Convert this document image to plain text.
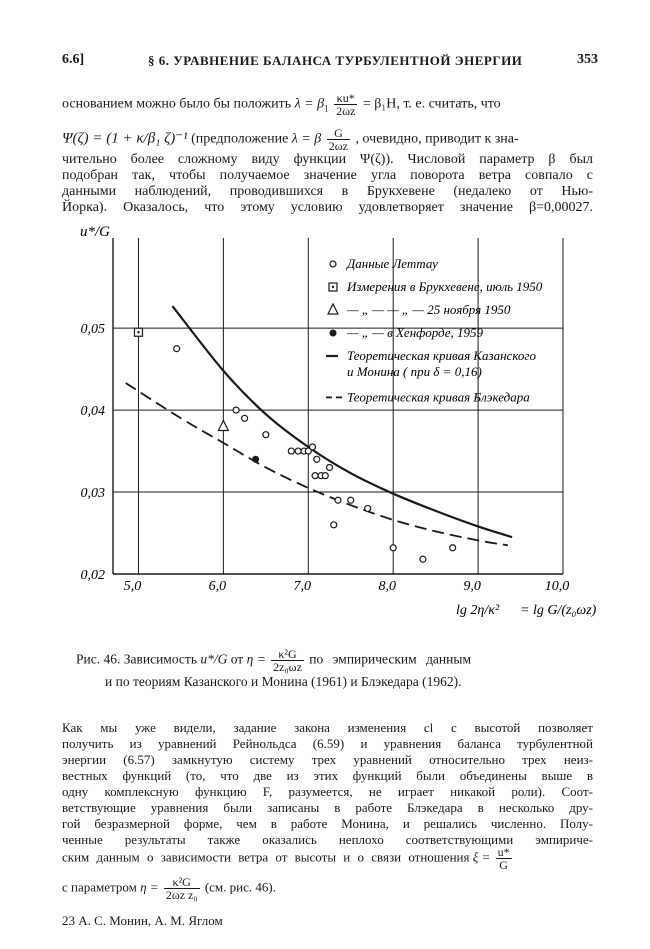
6.6]	§ 6. УРАВНЕНИЕ БАЛАНСА ТУРБУЛЕНТНОЙ ЭНЕРГИИ	353
основанием можно было бы положить $\lambda = \beta_1 \frac{\kappa u*}{2\omega z} = \beta_1H$, т. е. считать, что
Ψ(ζ) = (1 + κ/β₁ ζ)⁻¹ (предположение λ = β $\frac{G}{2\omega z}$ , очевидно, приводит к зна-
чительно более сложному виду функции Ψ(ζ)). Числовой параметр β был
подобран так, чтобы получаемое значение угла поворота ветра совпало с
данными наблюдений, проводившихся в Брукхевене (недалеко от Нью-
Йорка). Оказалось, что этому условию удовлетворяет значение β=0,00027.
5,0	6,0	7,0	8,0	9,0	10,0
0,02
0,03
0,04
0,05
Данные Леттау
Измерения в Брукхевене, июль 1950
— „ — — „ — 25 ноября 1950
— „ — в Хенфорде, 1959
Теоретическая кривая Казанского
и Монина ( при δ = 0,16)
Теоретическая кривая Блэкедара
u*/G
lg 2η/κ² = lg G/(z₀ωz)
Рис. 46. Зависимость u*/G от $\eta = \frac{\text{κ²G}}{\text{2z₀ωz}}$ по эмпирическим данным
и по теориям Казанского и Монина (1961) и Блэкедара (1962).
Как мы уже видели, задание закона изменения cl с высотой позволяет
получить из уравнений Рейнольдса (6.59) и уравнения баланса турбулентной
энергии (6.57) замкнутую систему трех уравнений относительно трех неиз-
вестных функций (то, что две из этих функций были объединены выше в
одну комплексную функцию F, разумеется, не играет никакой роли). Соот-
ветствующие уравнения были записаны в работе Блэкедара в несколько дру-
гой безразмерной форме, чем в работе Монина, и решались численно. Полу-
ченные результаты также оказались неплохо соответствующими эмпириче-
ским данным о зависимости ветра от высоты и о связи отношения $\xi = \frac{u*}{G}$
с параметром $\eta = \frac{\text{κ²G}}{\text{2ωz z₀}} (см$. рис. 46).
23 А. С. Монин, А. М. Яглом
